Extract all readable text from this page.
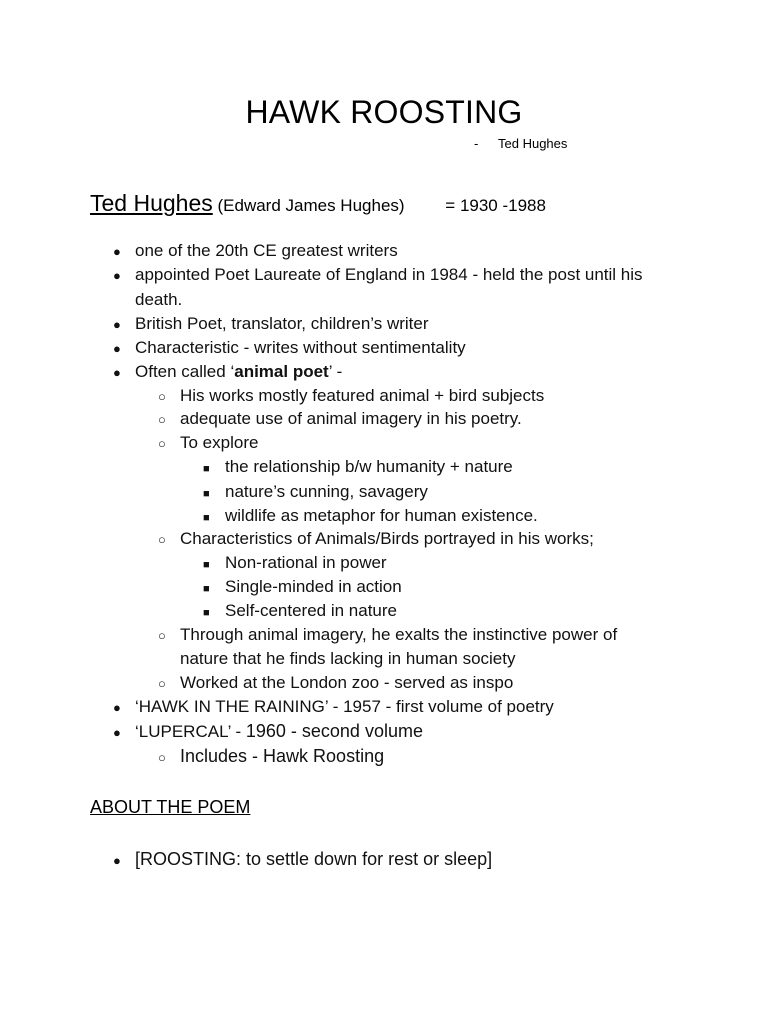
HAWK ROOSTING
- Ted Hughes
Ted Hughes (Edward James Hughes) = 1930 -1988
● one of the 20th CE greatest writers
● appointed Poet Laureate of England in 1984 - held the post until his
death.
● British Poet, translator, children’s writer
● Characteristic - writes without sentimentality
● Often called ‘animal poet’ -
○ His works mostly featured animal + bird subjects
○ adequate use of animal imagery in his poetry.
○ To explore
■ the relationship b/w humanity + nature
■ nature’s cunning, savagery
■ wildlife as metaphor for human existence.
○ Characteristics of Animals/Birds portrayed in his works;
■ Non-rational in power
■ Single-minded in action
■ Self-centered in nature
○ Through animal imagery, he exalts the instinctive power of
nature that he finds lacking in human society
○ Worked at the London zoo - served as inspo
● ‘HAWK IN THE RAINING’ - 1957 - first volume of poetry
● ‘LUPERCAL’ - 1960 - second volume
○ Includes - Hawk Roosting
ABOUT THE POEM
● [ROOSTING: to settle down for rest or sleep]
